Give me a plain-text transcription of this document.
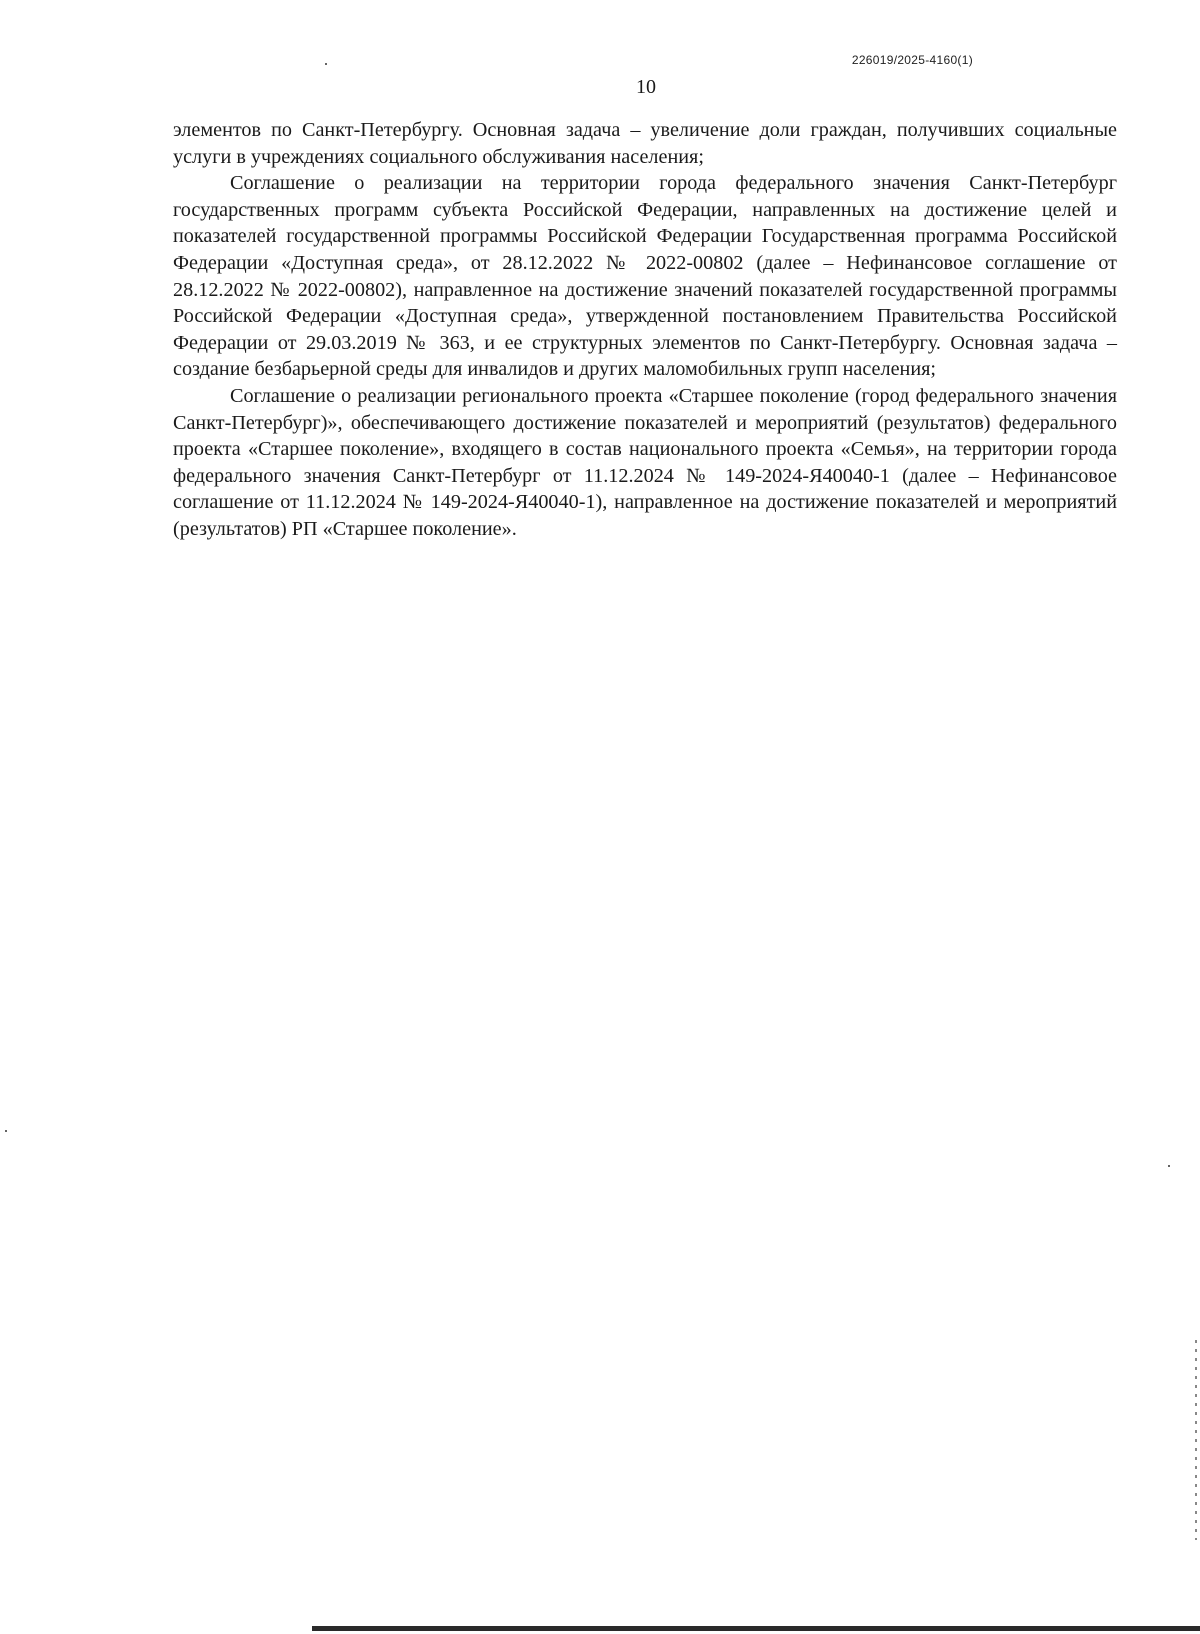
226019/2025-4160(1)
10

элементов по Санкт-Петербургу. Основная задача – увеличение доли граждан, получивших социальные услуги в учреждениях социального обслуживания населения;

Соглашение о реализации на территории города федерального значения Санкт-Петербург государственных программ субъекта Российской Федерации, направленных на достижение целей и показателей государственной программы Российской Федерации Государственная программа Российской Федерации «Доступная среда», от 28.12.2022 № 2022-00802 (далее – Нефинансовое соглашение от 28.12.2022 № 2022-00802), направленное на достижение значений показателей государственной программы Российской Федерации «Доступная среда», утвержденной постановлением Правительства Российской Федерации от 29.03.2019 № 363, и ее структурных элементов по Санкт-Петербургу. Основная задача – создание безбарьерной среды для инвалидов и других маломобильных групп населения;

Соглашение о реализации регионального проекта «Старшее поколение (город федерального значения Санкт-Петербург)», обеспечивающего достижение показателей и мероприятий (результатов) федерального проекта «Старшее поколение», входящего в состав национального проекта «Семья», на территории города федерального значения Санкт-Петербург от 11.12.2024 № 149-2024-Я40040-1 (далее – Нефинансовое соглашение от 11.12.2024 № 149-2024-Я40040-1), направленное на достижение показателей и мероприятий (результатов) РП «Старшее поколение».
